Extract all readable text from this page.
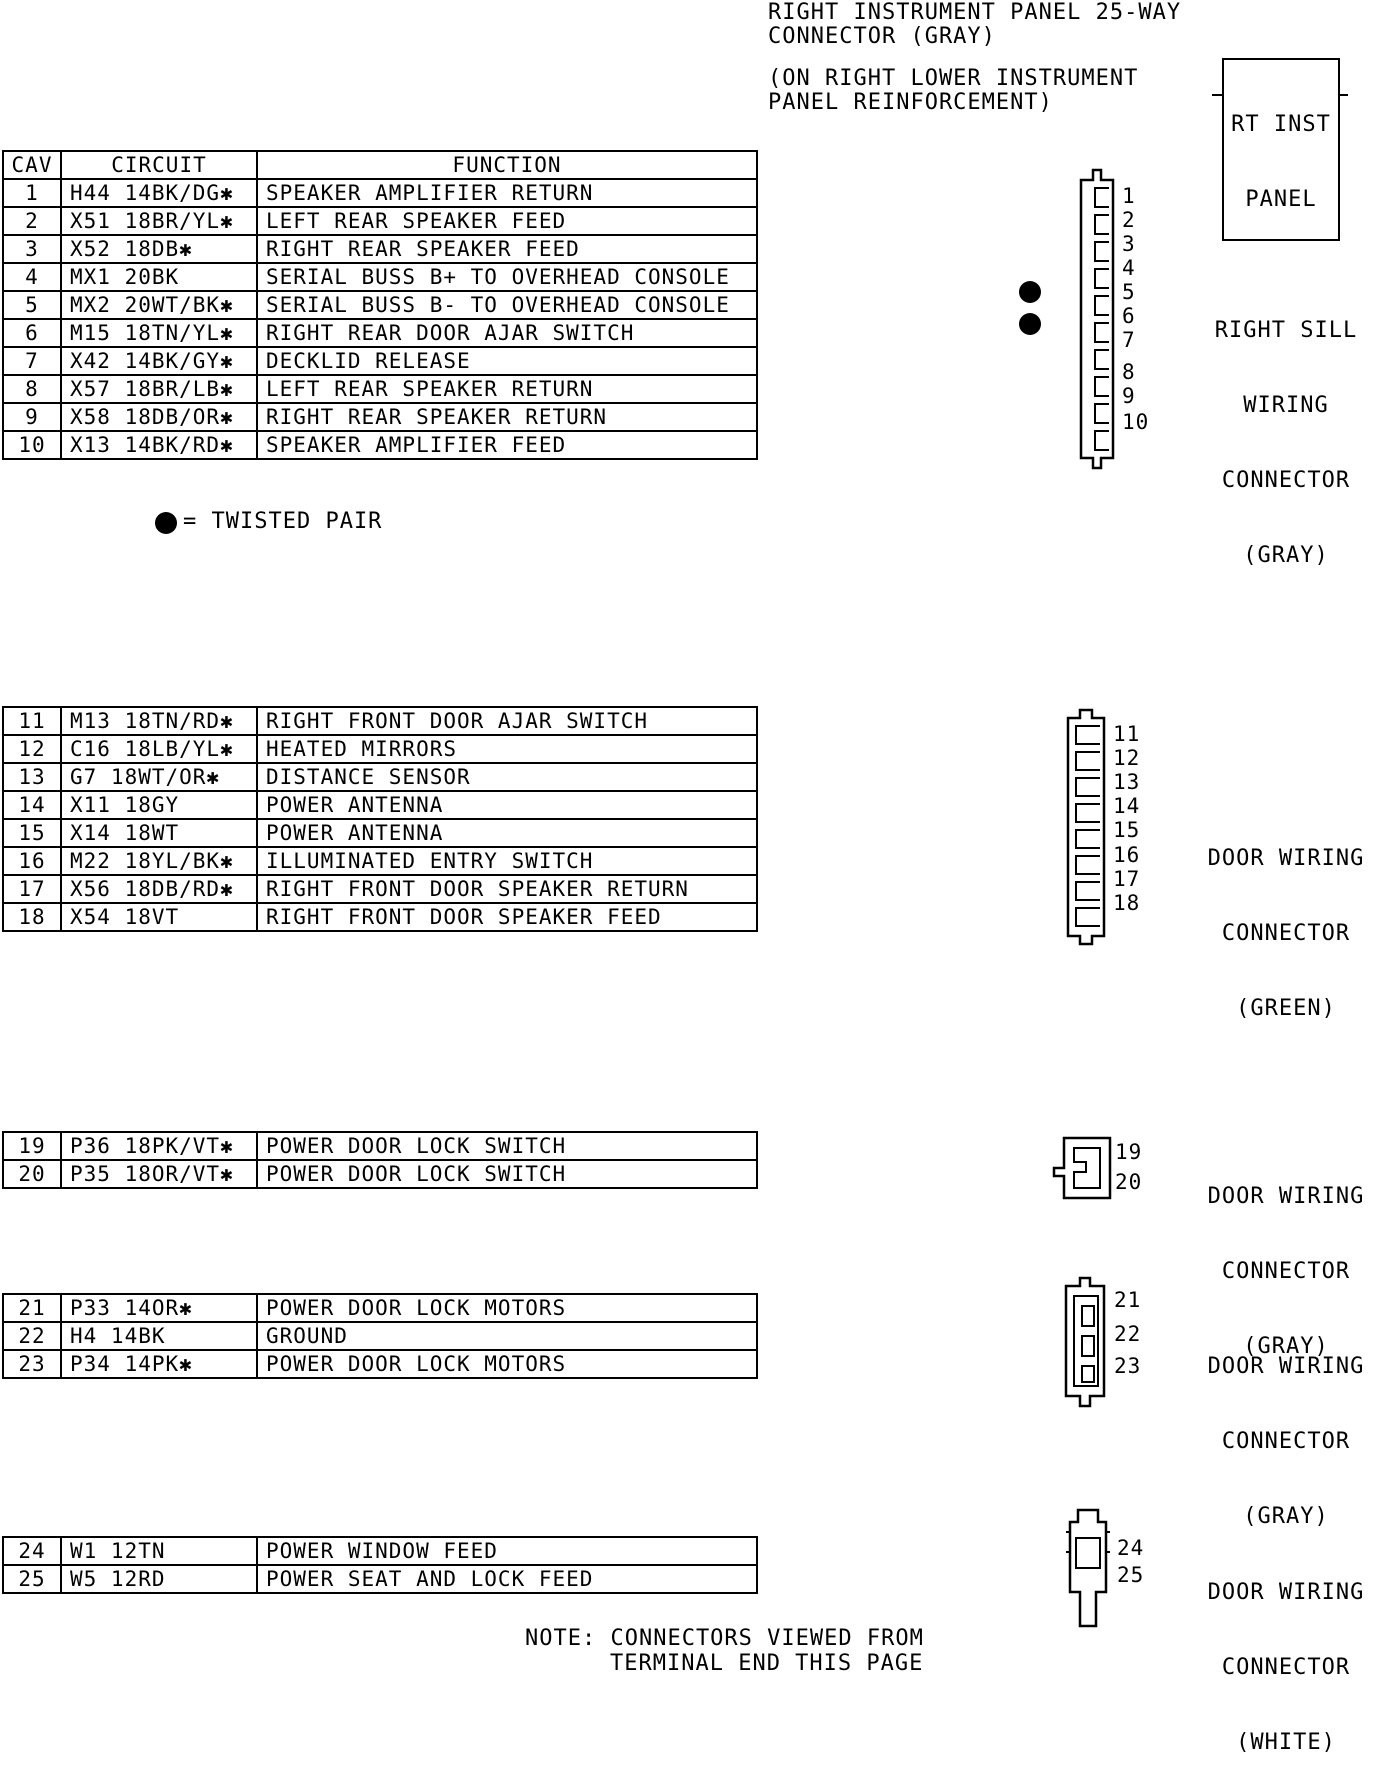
RIGHT INSTRUMENT PANEL 25-WAY
CONNECTOR (GRAY)
(ON RIGHT LOWER INSTRUMENT
PANEL REINFORCEMENT)

RT INST

PANEL

CAV	CIRCUIT	FUNCTION
1	H44 14BK/DG✱	SPEAKER AMPLIFIER RETURN
2	X51 18BR/YL✱	LEFT REAR SPEAKER FEED
3	X52 18DB✱	RIGHT REAR SPEAKER FEED
4	MX1 20BK	SERIAL BUSS B+ TO OVERHEAD CONSOLE
5	MX2 20WT/BK✱	SERIAL BUSS B- TO OVERHEAD CONSOLE
6	M15 18TN/YL✱	RIGHT REAR DOOR AJAR SWITCH
7	X42 14BK/GY✱	DECKLID RELEASE
8	X57 18BR/LB✱	LEFT REAR SPEAKER RETURN
9	X58 18DB/OR✱	RIGHT REAR SPEAKER RETURN
10	X13 14BK/RD✱	SPEAKER AMPLIFIER FEED
= TWISTED PAIR
11	M13 18TN/RD✱	RIGHT FRONT DOOR AJAR SWITCH
12	C16 18LB/YL✱	HEATED MIRRORS
13	G7 18WT/OR✱	DISTANCE SENSOR
14	X11 18GY	POWER ANTENNA
15	X14 18WT	POWER ANTENNA
16	M22 18YL/BK✱	ILLUMINATED ENTRY SWITCH
17	X56 18DB/RD✱	RIGHT FRONT DOOR SPEAKER RETURN
18	X54 18VT	RIGHT FRONT DOOR SPEAKER FEED
19	P36 18PK/VT✱	POWER DOOR LOCK SWITCH
20	P35 18OR/VT✱	POWER DOOR LOCK SWITCH
21	P33 14OR✱	POWER DOOR LOCK MOTORS
22	H4 14BK	GROUND
23	P34 14PK✱	POWER DOOR LOCK MOTORS
24	W1 12TN	POWER WINDOW FEED
25	W5 12RD	POWER SEAT AND LOCK FEED
1
2
3
4
5
6
7
8
9
10

RIGHT SILL

WIRING

CONNECTOR

(GRAY)

11
12
13
14
15
16
17
18

DOOR WIRING

CONNECTOR

(GREEN)

19
20

DOOR WIRING

CONNECTOR

(GRAY)

21
22
23

	DOOR WIRING

CONNECTOR

(GRAY)

24
25

DOOR WIRING

CONNECTOR

(WHITE)

NOTE: CONNECTORS VIEWED FROM
TERMINAL END THIS PAGE
